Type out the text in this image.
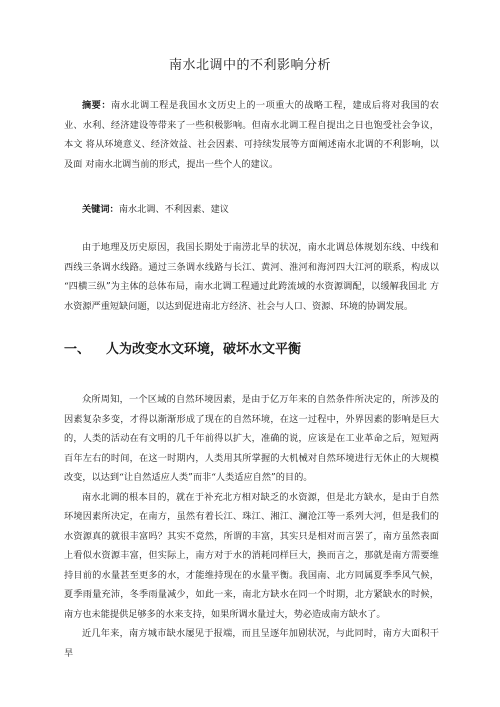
南水北调中的不利影响分析

摘要：南水北调工程是我国水文历史上的一项重大的战略工程，建成后将对我国的农业、水利、经济建设等带来了一些积极影响。但南水北调工程自提出之日也饱受社会争议，本文 将从环境意义、经济效益、社会因素、可持续发展等方面阐述南水北调的不利影响，以及面 对南水北调当前的形式，提出一些个人的建议。

关键词：南水北调、不利因素、建议

由于地理及历史原因，我国长期处于南涝北旱的状况，南水北调总体规划东线、中线和 西线三条调水线路。通过三条调水线路与长江、黄河、淮河和海河四大江河的联系，构成以 “四横三纵”为主体的总体布局，南水北调工程通过此跨流域的水资源调配，以缓解我国北 方水资源严重短缺问题，以达到促进南北方经济、社会与人口、资源、环境的协调发展。

一、 人为改变水文环境，破坏水文平衡

众所周知，一个区域的自然环境因素，是由于亿万年来的自然条件所决定的，所涉及的 因素复杂多变，才得以渐渐形成了现在的自然环境，在这一过程中，外界因素的影响是巨大 的，人类的活动在有文明的几千年前得以扩大，准确的说，应该是在工业革命之后，短短两 百年左右的时间，在这一时期内，人类用其所掌握的大机械对自然环境进行无休止的大规模 改变，以达到“让自然适应人类”而非“人类适应自然”的目的。

南水北调的根本目的，就在于补充北方相对缺乏的水资源，但是北方缺水，是由于自然 环境因素所决定，在南方，虽然有着长江、珠江、湘江、澜沧江等一系列大河，但是我们的 水资源真的就很丰富吗？其实不竟然，所谓的丰富，其实只是相对而言罢了，南方虽然表面 上看似水资源丰富，但实际上，南方对于水的消耗同样巨大，换而言之，那就是南方需要维 持目前的水量甚至更多的水，才能维持现在的水量平衡。我国南、北方同属夏季季风气候， 夏季雨量充沛，冬季雨量减少，如此一来，南北方缺水在同一个时期，北方紧缺水的时候， 南方也未能提供足够多的水来支持，如果所调水量过大，势必造成南方缺水了。

近几年来，南方城市缺水屡见于报端，而且呈逐年加剧状况，与此同时，南方大面积干 旱
